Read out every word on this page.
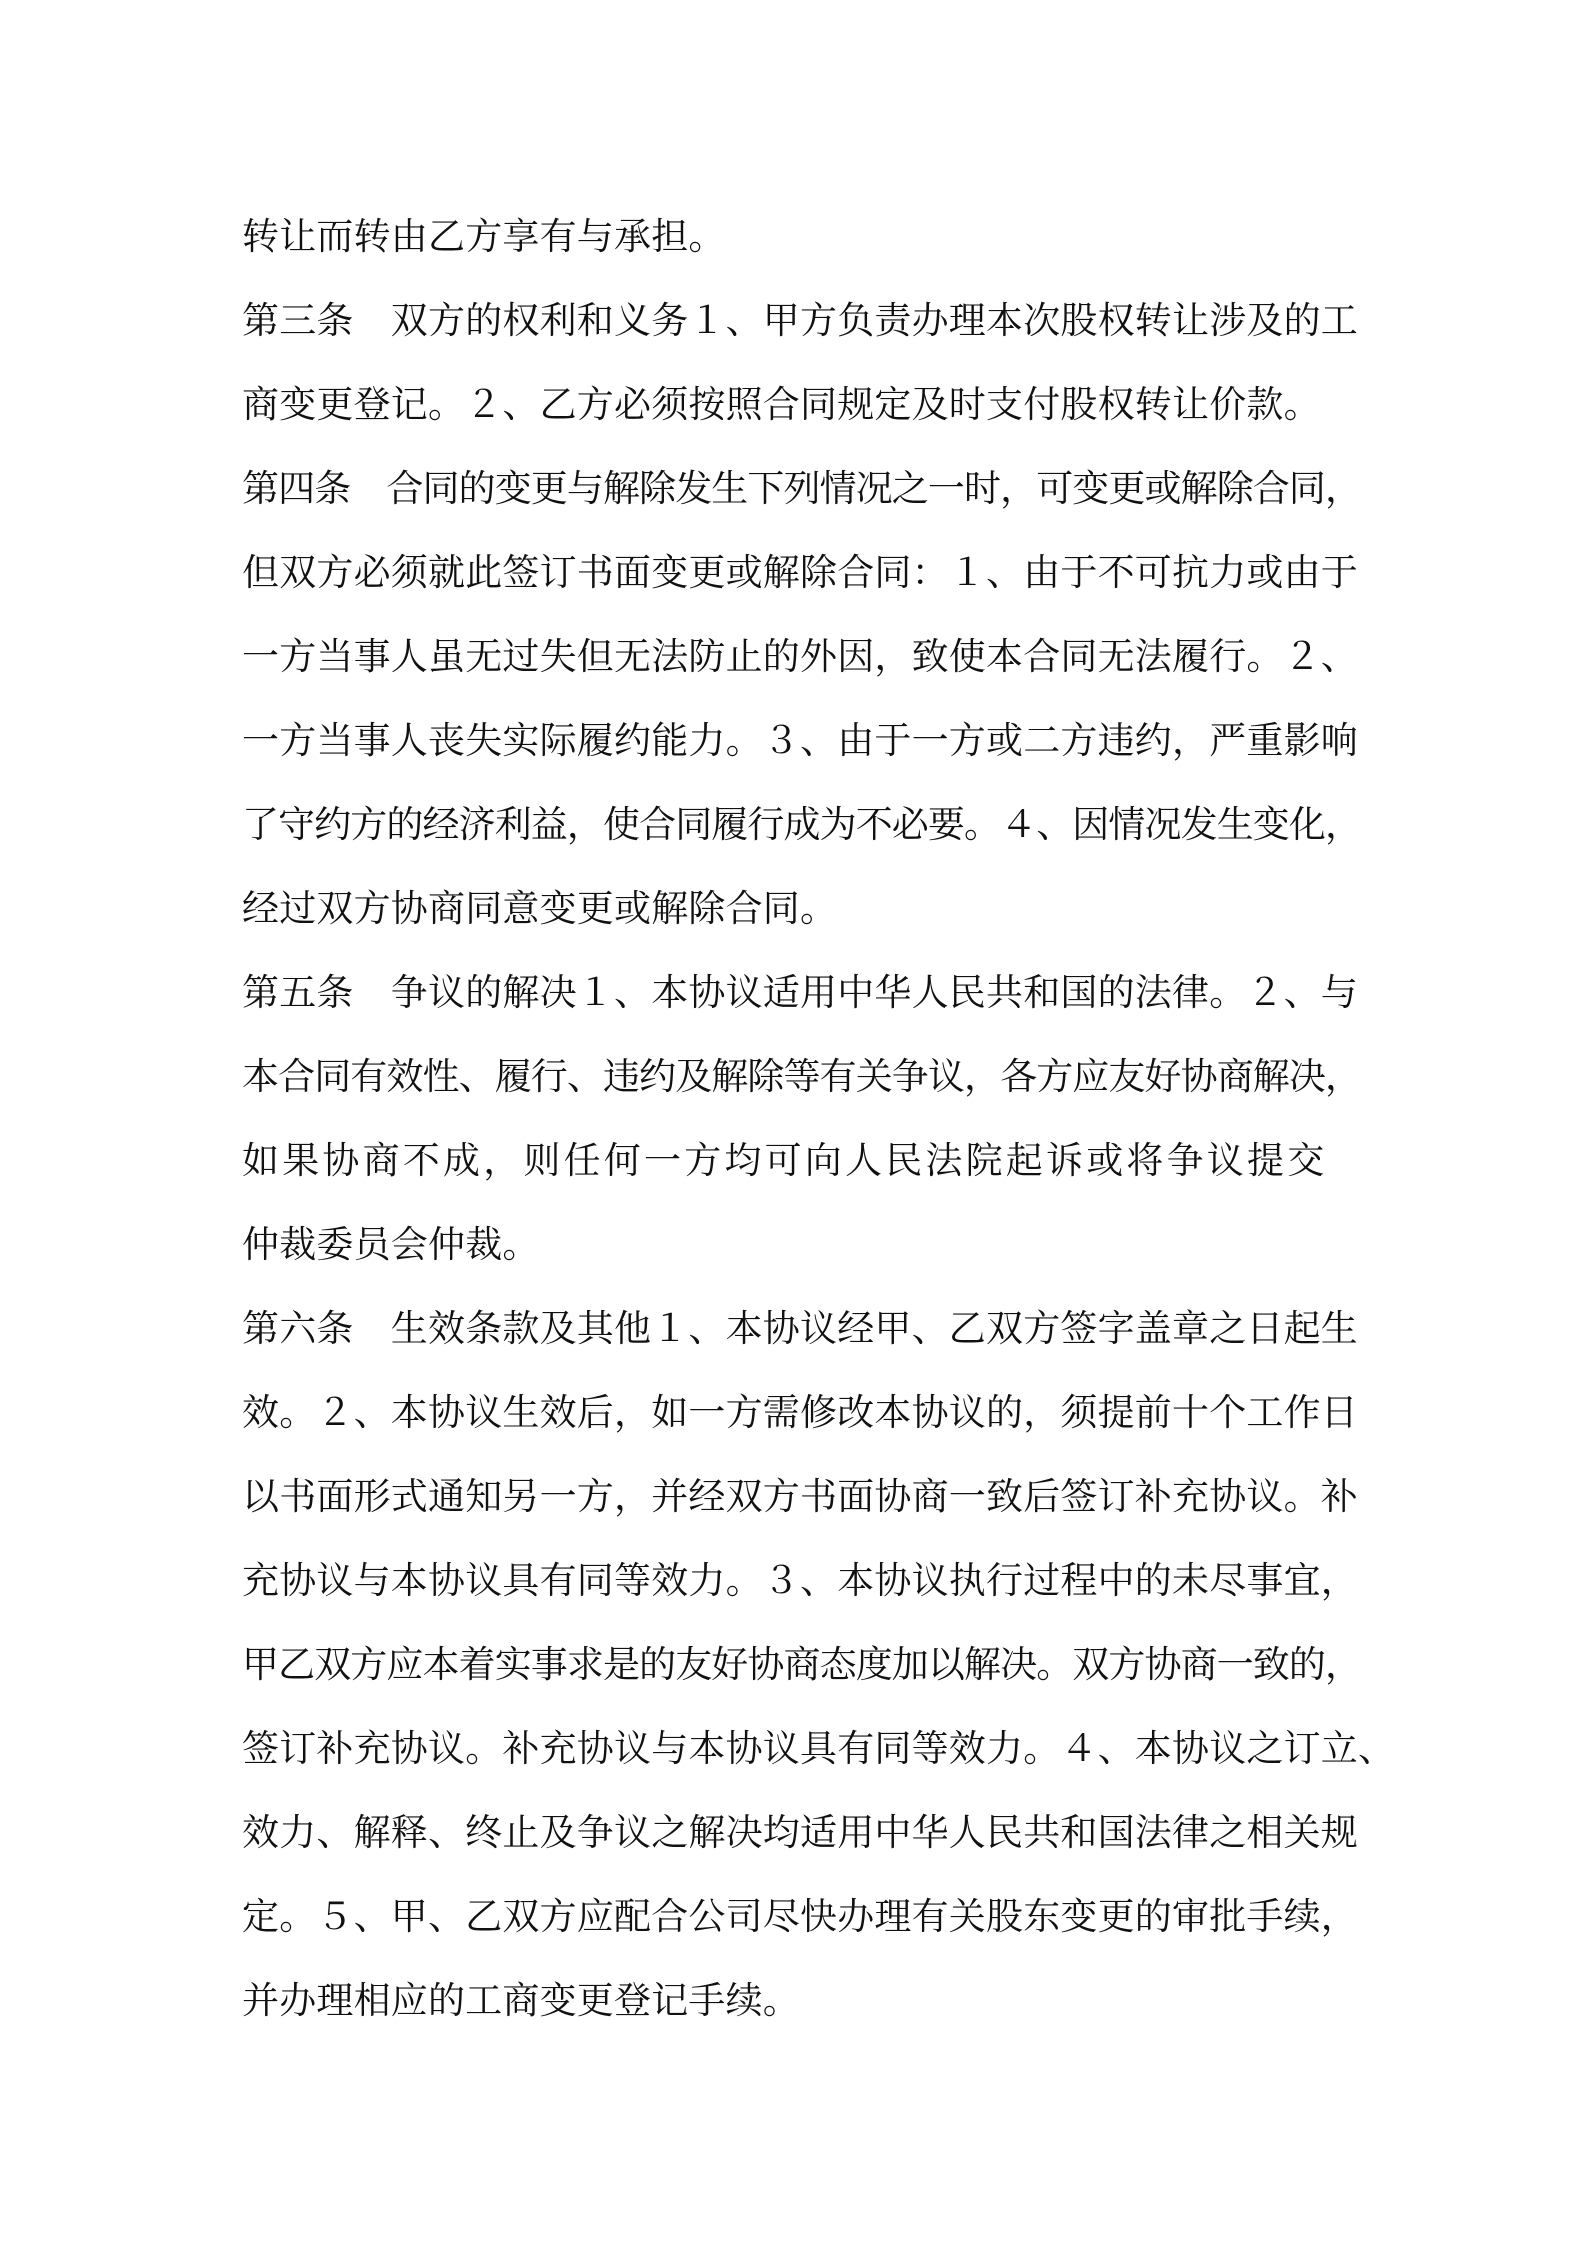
转让而转由乙方享有与承担。
第三条　双方的权利和义务１、甲方负责办理本次股权转让涉及的工
商变更登记。２、乙方必须按照合同规定及时支付股权转让价款。
第四条　合同的变更与解除发生下列情况之一时，可变更或解除合同，
但双方必须就此签订书面变更或解除合同：１、由于不可抗力或由于
一方当事人虽无过失但无法防止的外因，致使本合同无法履行。２、
一方当事人丧失实际履约能力。３、由于一方或二方违约，严重影响
了守约方的经济利益，使合同履行成为不必要。４、因情况发生变化，
经过双方协商同意变更或解除合同。
第五条　争议的解决１、本协议适用中华人民共和国的法律。２、与
本合同有效性、履行、违约及解除等有关争议，各方应友好协商解决，
如果协商不成，则任何一方均可向人民法院起诉或将争议提交
仲裁委员会仲裁。
第六条　生效条款及其他１、本协议经甲、乙双方签字盖章之日起生
效。２、本协议生效后，如一方需修改本协议的，须提前十个工作日
以书面形式通知另一方，并经双方书面协商一致后签订补充协议。补
充协议与本协议具有同等效力。３、本协议执行过程中的未尽事宜，
甲乙双方应本着实事求是的友好协商态度加以解决。双方协商一致的，
签订补充协议。补充协议与本协议具有同等效力。４、本协议之订立、
效力、解释、终止及争议之解决均适用中华人民共和国法律之相关规
定。５、甲、乙双方应配合公司尽快办理有关股东变更的审批手续，
并办理相应的工商变更登记手续。
